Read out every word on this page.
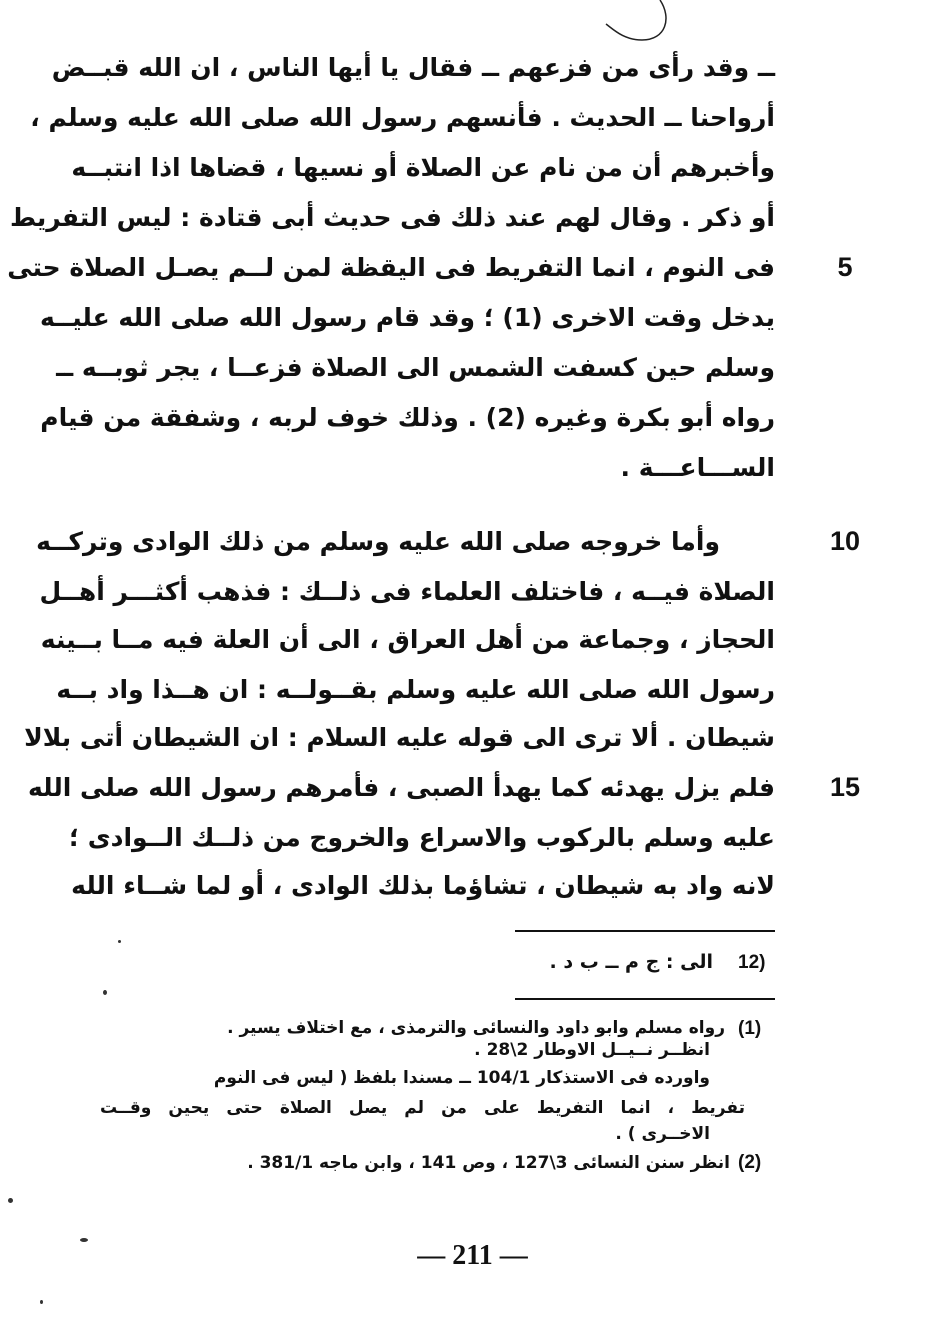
ــ وقد رأى من فزعهم ــ فقال يا أيها الناس ، ان الله قبــض
أرواحنا ــ الحديث . فأنسهم رسول الله صلى الله عليه وسلم ،
وأخبرهم أن من نام عن الصلاة أو نسيها ، قضاها اذا انتبــه
أو ذكر . وقال لهم عند ذلك فى حديث أبى قتادة : ليس التفريط
فى النوم ، انما التفريط فى اليقظة لمن لــم يصـل الصلاة حتى
يدخل وقت الاخرى (1) ؛ وقد قام رسول الله صلى الله عليــه
وسلم حين كسفت الشمس الى الصلاة فزعــا ، يجر ثوبــه ــ
رواه أبو بكرة وغيره (2) . وذلك خوف لربه ، وشفقة من قيام
الســـاعـــة .
وأما خروجه صلى الله عليه وسلم من ذلك الوادى وتركــه
الصلاة فيــه ، فاختلف العلماء فى ذلــك : فذهب أكثـــر أهــل
الحجاز ، وجماعة من أهل العراق ، الى أن العلة فيه مــا بــينه
رسول الله صلى الله عليه وسلم بقــولــه : ان هــذا واد بــه
شيطان . ألا ترى الى قوله عليه السلام : ان الشيطان أتى بلالا
فلم يزل يهدئه كما يهدأ الصبى ، فأمرهم رسول الله صلى الله
عليه وسلم بالركوب والاسراع والخروج من ذلــك الــوادى ؛
لانه واد به شيطان ، تشاؤما بذلك الوادى ، أو لما شــاء الله
5
10
15
12)
الى : ج م ــ ب د .
(1)
رواه مسلم وابو داود والنسائى والترمذى ، مع اختلاف يسير .
انظــر نــيــل الاوطار 2\28 .
واورده فى الاستذكار 104/1 ــ مسندا بلفظ ( ليس فى النوم
تفريط ، انما التفريط على من لم يصل الصلاة حتى يحين وقــت
الاخــرى ) .
(2)
انظر سنن النسائى 3\127 ، وص 141 ، وابن ماجه 381/1 .
— 211 —
